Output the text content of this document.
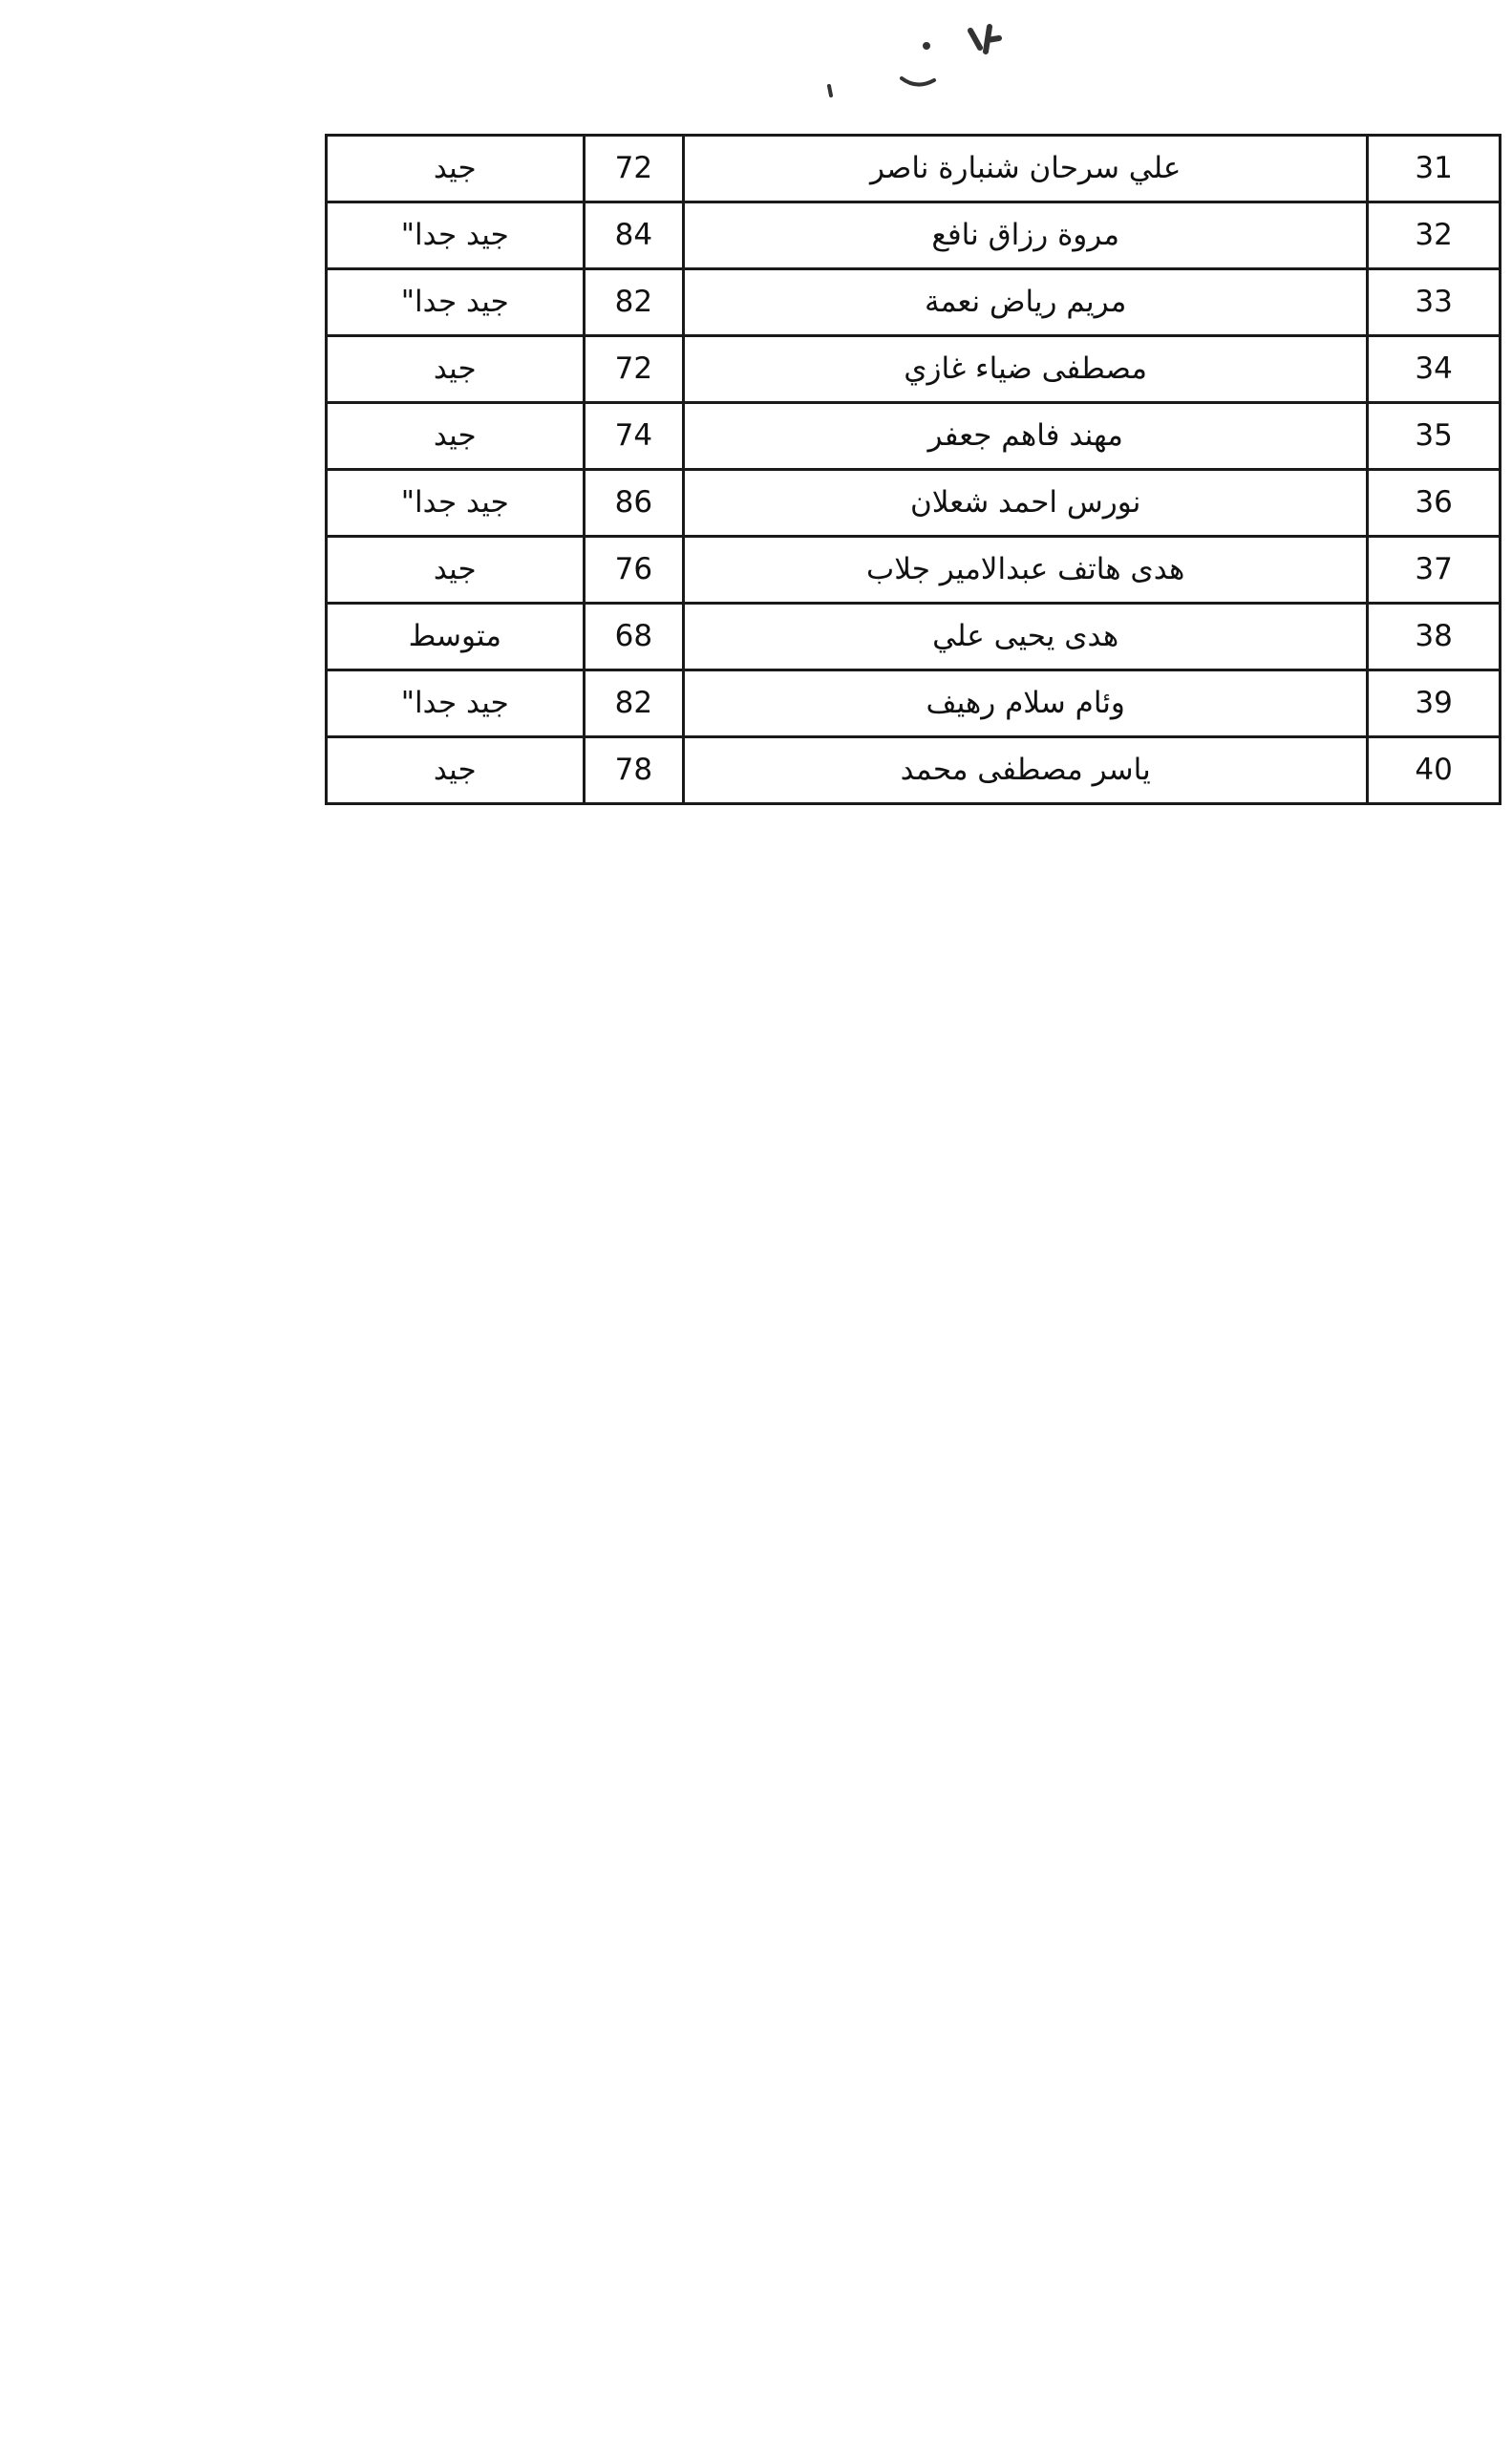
31	علي سرحان شنبارة ناصر	72	جيد
32	مروة رزاق نافع	84	جيد جدا"
33	مريم رياض نعمة	82	جيد جدا"
34	مصطفى ضياء غازي	72	جيد
35	مهند فاهم جعفر	74	جيد
36	نورس احمد شعلان	86	جيد جدا"
37	هدى هاتف عبدالامير جلاب	76	جيد
38	هدى يحيى علي	68	متوسط
39	وئام سلام رهيف	82	جيد جدا"
40	ياسر مصطفى محمد	78	جيد
